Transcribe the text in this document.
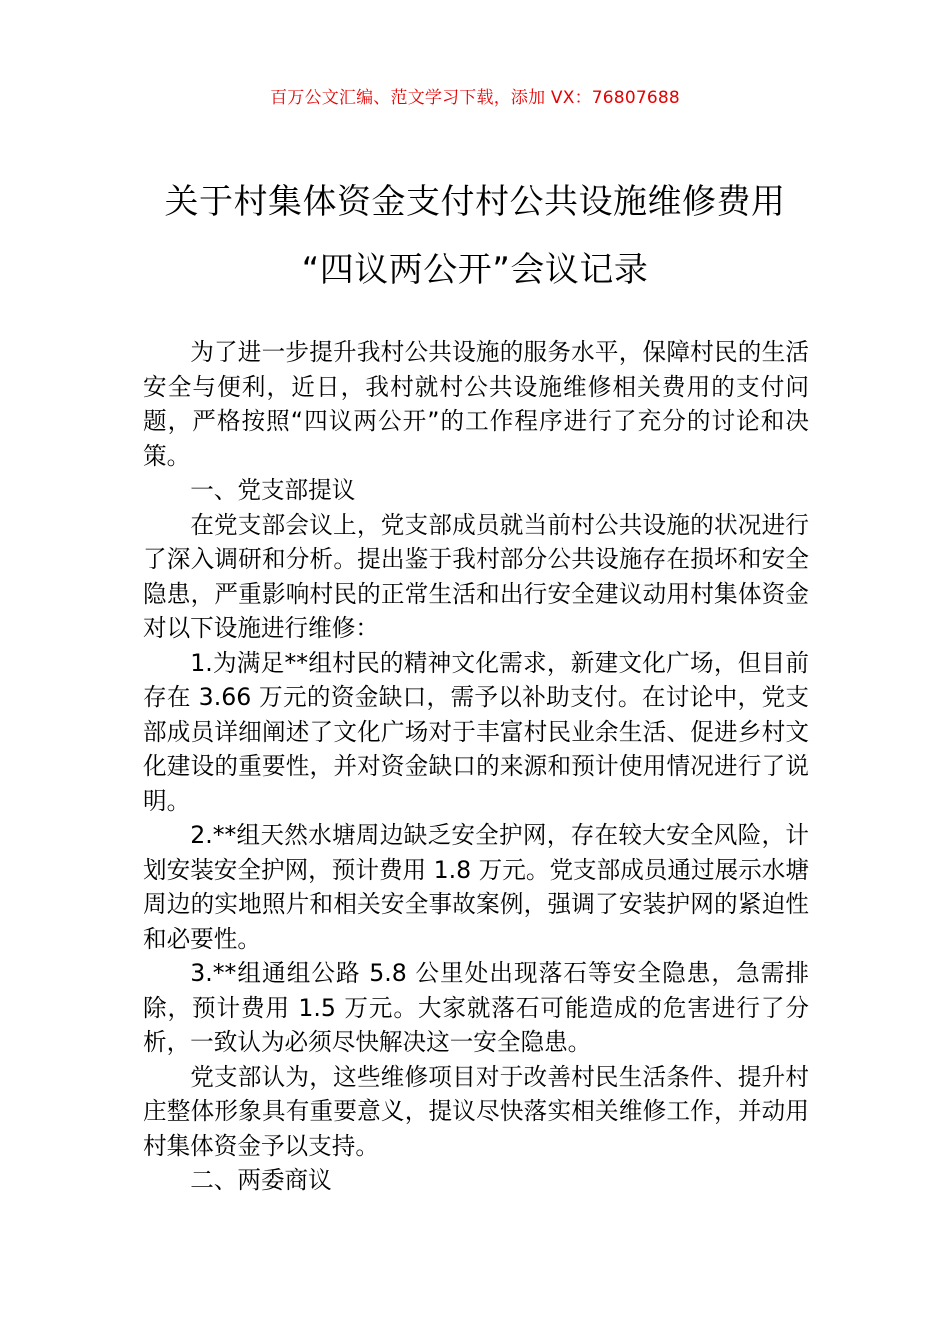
百万公文汇编、范文学习下载，添加 VX：76807688
关于村集体资金支付村公共设施维修费用
“四议两公开”会议记录

为了进一步提升我村公共设施的服务水平，保障村民的生活安全与便利，近日，我村就村公共设施维修相关费用的支付问题，严格按照“四议两公开”的工作程序进行了充分的讨论和决策。

一、党支部提议

在党支部会议上，党支部成员就当前村公共设施的状况进行了深入调研和分析。提出鉴于我村部分公共设施存在损坏和安全隐患，严重影响村民的正常生活和出行安全建议动用村集体资金对以下设施进行维修：

1.为满足**组村民的精神文化需求，新建文化广场，但目前存在 3.66 万元的资金缺口，需予以补助支付。在讨论中，党支部成员详细阐述了文化广场对于丰富村民业余生活、促进乡村文化建设的重要性，并对资金缺口的来源和预计使用情况进行了说明。

2.**组天然水塘周边缺乏安全护网，存在较大安全风险，计划安装安全护网，预计费用 1.8 万元。党支部成员通过展示水塘周边的实地照片和相关安全事故案例，强调了安装护网的紧迫性和必要性。

3.**组通组公路 5.8 公里处出现落石等安全隐患，急需排除，预计费用 1.5 万元。大家就落石可能造成的危害进行了分析，一致认为必须尽快解决这一安全隐患。

党支部认为，这些维修项目对于改善村民生活条件、提升村庄整体形象具有重要意义，提议尽快落实相关维修工作，并动用村集体资金予以支持。

二、两委商议
